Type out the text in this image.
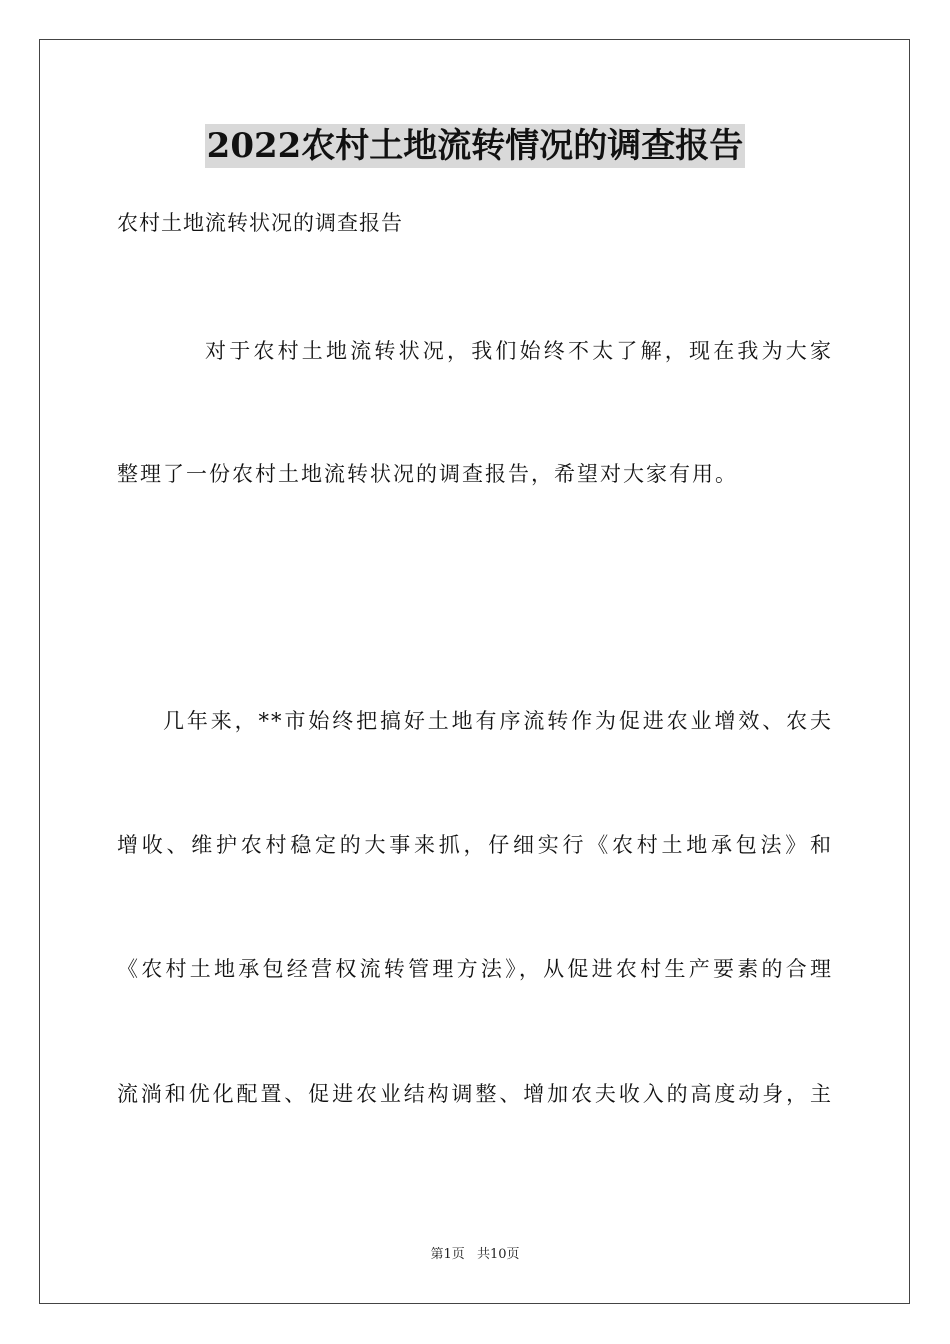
2022农村土地流转情况的调查报告
农村土地流转状况的调查报告
对于农村土地流转状况，我们始终不太了解，现在我为大家
整理了一份农村土地流转状况的调查报告，希望对大家有用。
几年来，**市始终把搞好土地有序流转作为促进农业增效、农夫
增收、维护农村稳定的大事来抓，仔细实行《农村土地承包法》和
《农村土地承包经营权流转管理方法》，从促进农村生产要素的合理
流淌和优化配置、促进农业结构调整、增加农夫收入的高度动身，主
第1页 共10页
